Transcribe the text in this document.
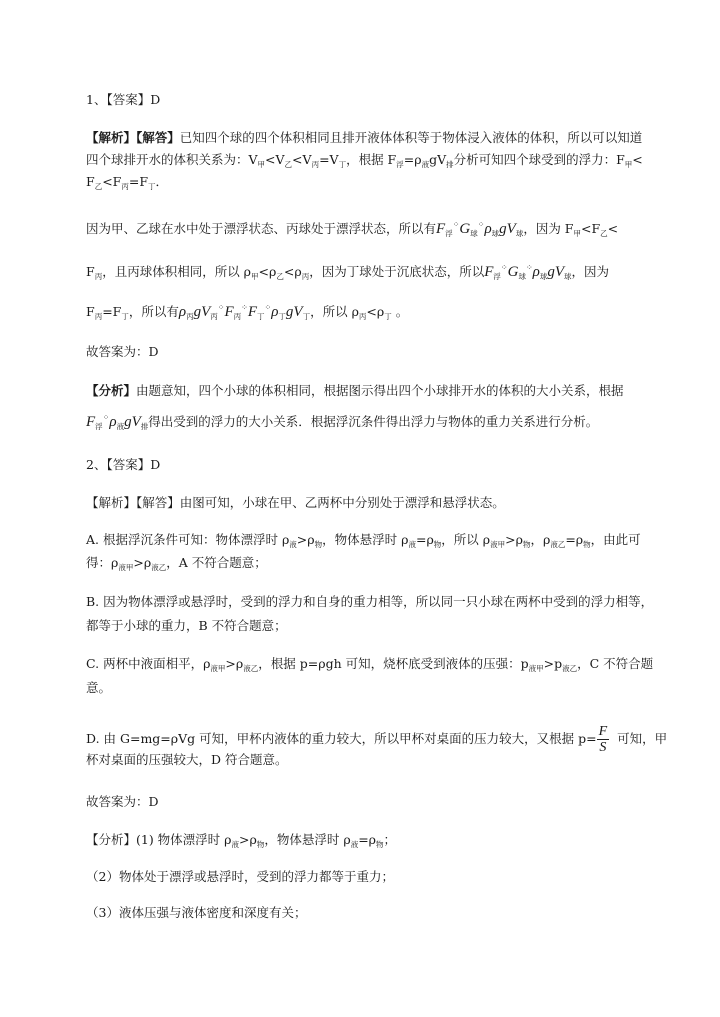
1、【答案】D
【解析】【解答】已知四个球的四个体积相同且排开液体体积等于物体浸入液体的体积，所以可以知道
四个球排开水的体积关系为：$V_甲<V_乙<V_丙=V_丁$，根据 $F_浮=\rho_液gV_排$分析可知四个球受到的浮力：$F_甲<$
$F_乙<F_丙=F_丁$．
因为甲、乙球在水中处于漂浮状态、丙球处于漂浮状态，所以有$F_浮^⁘G_球^⁘\rho_球gV_球$，因为 $F_甲<F_乙<$
$F_丙$，且丙球体积相同，所以 $\rho_甲<\rho_乙<\rho_丙$，因为丁球处于沉底状态，所以$F_浮^⁘G_球^⁘\rho_球gV_球$，因为
$F_丙=F_丁$，所以有$\rho_丙gV_丙^⁘F_丙^⁘F_丁^⁘\rho_丁gV_丁$，所以 $\rho_丙<\rho_丁$ 。
故答案为：D
【分析】由题意知，四个小球的体积相同，根据图示得出四个小球排开水的体积的大小关系，根据
$F_浮^⁘\rho_液gV_排$得出受到的浮力的大小关系．根据浮沉条件得出浮力与物体的重力关系进行分析。
2、【答案】D
【解析】【解答】由图可知，小球在甲、乙两杯中分别处于漂浮和悬浮状态。
A. 根据浮沉条件可知：物体漂浮时 $\rho_液>\rho_物$，物体悬浮时 $\rho_液=\rho_物$，所以 $\rho_{液甲}>\rho_物$，$\rho_{液乙}=\rho_物$，由此可
得：$\rho_{液甲}>\rho_{液乙}$，A 不符合题意；
B. 因为物体漂浮或悬浮时，受到的浮力和自身的重力相等，所以同一只小球在两杯中受到的浮力相等，
都等于小球的重力，B 不符合题意；
C. 两杯中液面相平，$\rho_{液甲}>\rho_{液乙}$，根据 p=ρgh 可知，烧杯底受到液体的压强：$p_{液甲}>p_{液乙}$，C 不符合题
意。
D. 由 G=mg=ρVg 可知，甲杯内液体的重力较大，所以甲杯对桌面的压力较大，又根据 $p= \frac{F}{S}$ 可知，甲
杯对桌面的压强较大，D 符合题意。
故答案为：D
【分析】(1) 物体漂浮时 $\rho_液>\rho_物$，物体悬浮时 $\rho_液=\rho_物$；
（2）物体处于漂浮或悬浮时，受到的浮力都等于重力；
（3）液体压强与液体密度和深度有关；
